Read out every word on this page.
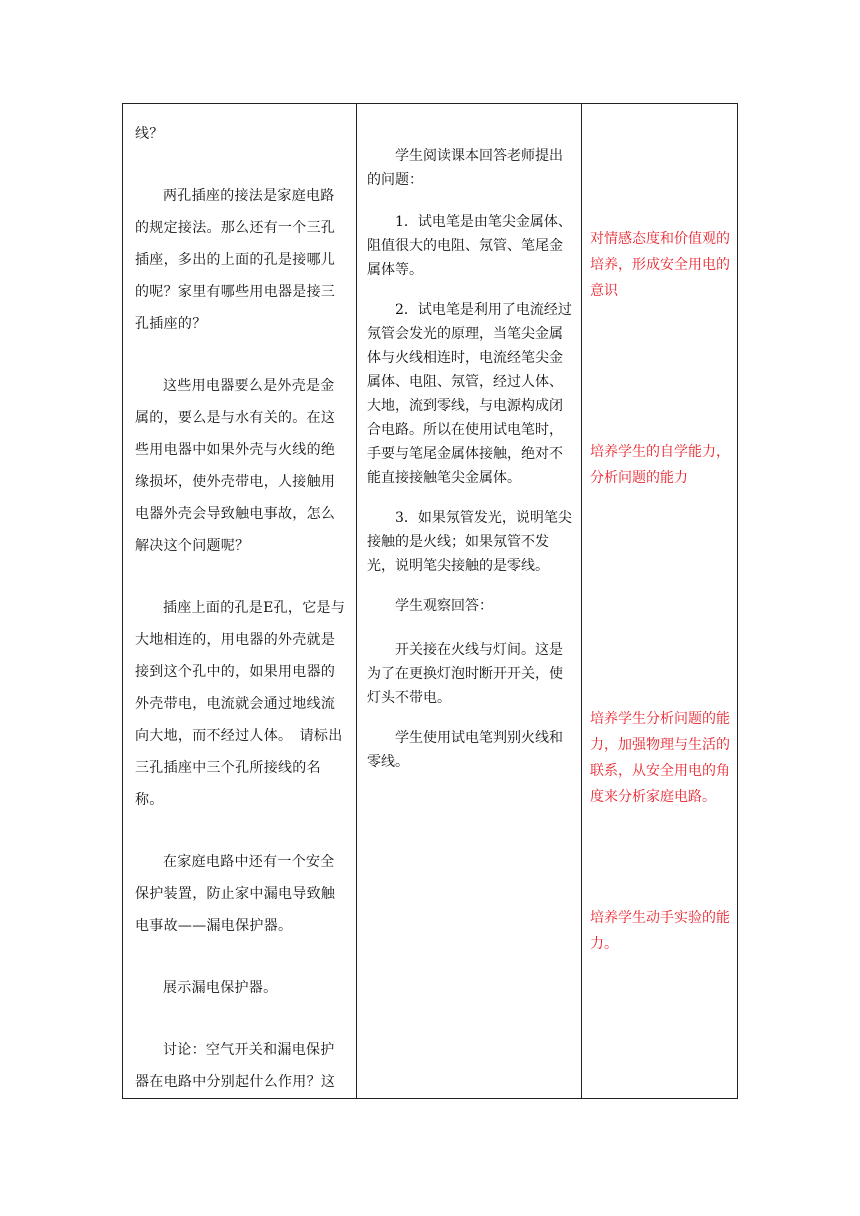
线？

两孔插座的接法是家庭电路的规定接法。那么还有一个三孔插座，多出的上面的孔是接哪儿的呢？家里有哪些用电器是接三孔插座的？

这些用电器要么是外壳是金属的，要么是与水有关的。在这些用电器中如果外壳与火线的绝缘损坏，使外壳带电，人接触用电器外壳会导致触电事故，怎么解决这个问题呢？

插座上面的孔是E孔，它是与大地相连的，用电器的外壳就是接到这个孔中的，如果用电器的外壳带电，电流就会通过地线流向大地，而不经过人体。　请标出三孔插座中三个孔所接线的名称。

在家庭电路中还有一个安全保护装置，防止家中漏电导致触电事故——漏电保护器。

展示漏电保护器。

讨论：空气开关和漏电保护器在电路中分别起什么作用？这

学生阅读课本回答老师提出的问题：

1．试电笔是由笔尖金属体、阻值很大的电阻、氖管、笔尾金属体等。

2．试电笔是利用了电流经过氖管会发光的原理，当笔尖金属体与火线相连时，电流经笔尖金属体、电阻、氖管，经过人体、大地，流到零线，与电源构成闭合电路。所以在使用试电笔时，手要与笔尾金属体接触，绝对不能直接接触笔尖金属体。

3．如果氖管发光，说明笔尖接触的是火线；如果氖管不发光，说明笔尖接触的是零线。

学生观察回答：

开关接在火线与灯间。这是为了在更换灯泡时断开开关，使灯头不带电。

学生使用试电笔判别火线和零线。

对情感态度和价值观的培养，形成安全用电的意识

培养学生的自学能力，分析问题的能力

培养学生分析问题的能力，加强物理与生活的联系，从安全用电的角度来分析家庭电路。

培养学生动手实验的能力。
